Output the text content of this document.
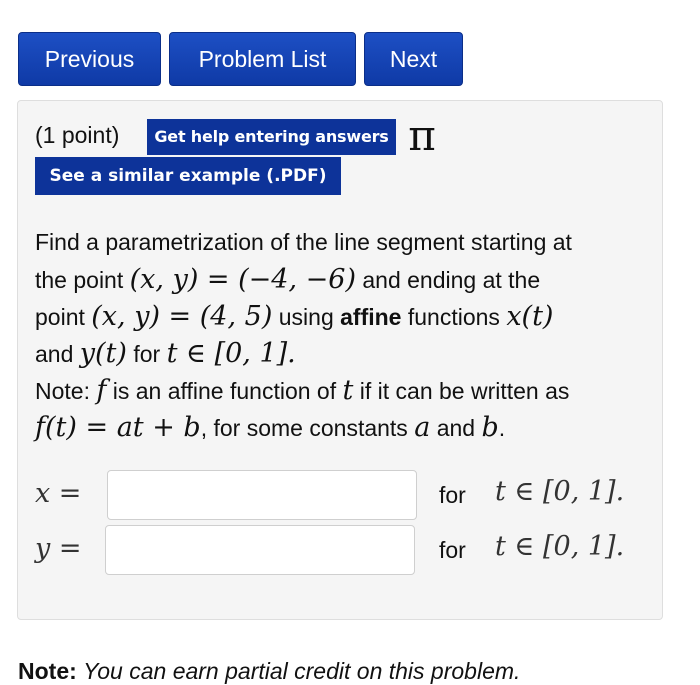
Previous	Problem List	Next
(1 point)	Get help entering answers π
See a similar example (.PDF)
Find a parametrization of the line segment starting at
the point (x, y) = (−4, −6) and ending at the
point (x, y) = (4, 5) using affine functions x(t)
and y(t) for t ∈ [0, 1].
Note: f is an affine function of t if it can be written as
f(t) = at + b, for some constants a and b.
x =	for t ∈ [0, 1].
y =	for t ∈ [0, 1].
Note: You can earn partial credit on this problem.
